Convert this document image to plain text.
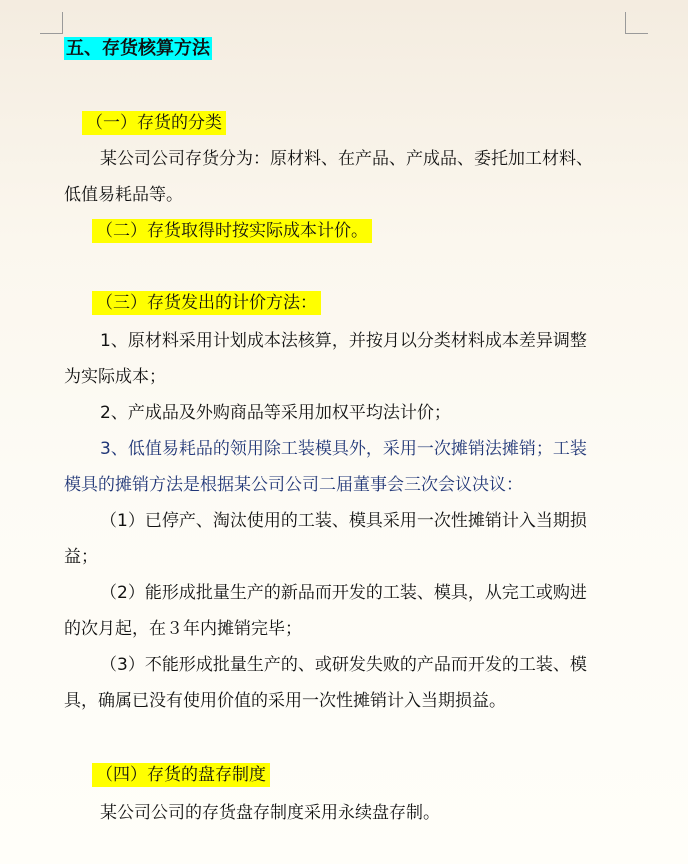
五、存货核算方法
（一）存货的分类
某公司公司存货分为：原材料、在产品、产成品、委托加工材料、
低值易耗品等。
（二）存货取得时按实际成本计价。
（三）存货发出的计价方法：
1、原材料采用计划成本法核算，并按月以分类材料成本差异调整
为实际成本；
2、产成品及外购商品等采用加权平均法计价；
3、低值易耗品的领用除工装模具外，采用一次摊销法摊销；工装
模具的摊销方法是根据某公司公司二届董事会三次会议决议：
（1）已停产、淘汰使用的工装、模具采用一次性摊销计入当期损
益；
（2）能形成批量生产的新品而开发的工装、模具，从完工或购进
的次月起，在３年内摊销完毕；
（3）不能形成批量生产的、或研发失败的产品而开发的工装、模
具，确属已没有使用价值的采用一次性摊销计入当期损益。
（四）存货的盘存制度
某公司公司的存货盘存制度采用永续盘存制。
